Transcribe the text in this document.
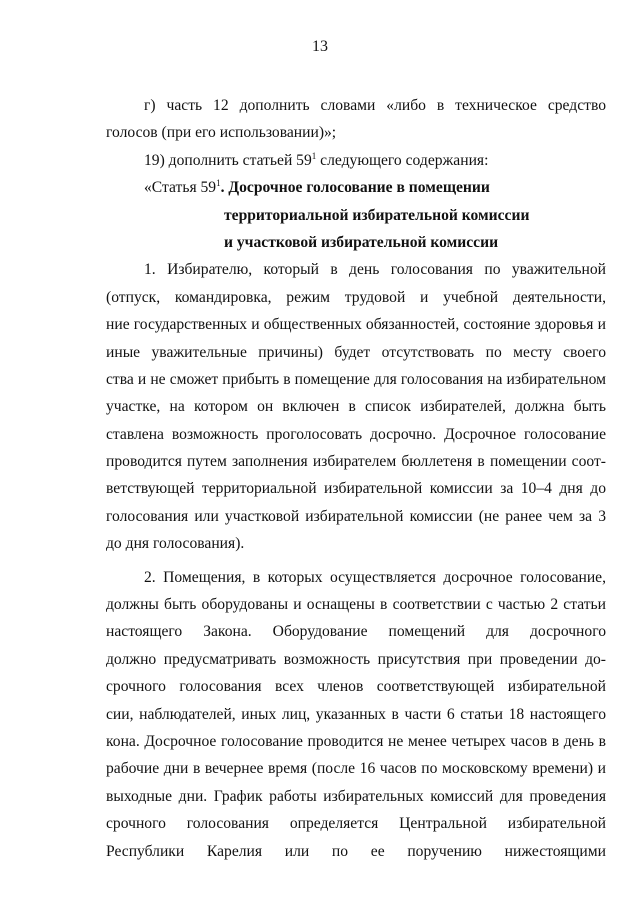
13
г) часть 12 дополнить словами «либо в техническое средство
голосов (при его использовании)»;
19) дополнить статьей $59^1$ следующего содержания:
«Статья $59^1$. Досрочное голосование в помещении
территориальной избирательной комиссии
и участковой избирательной комиссии
1. Избирателю, который в день голосования по уважительной
(отпуск, командировка, режим трудовой и учебной деятельности,
ние государственных и общественных обязанностей, состояние здоровья и
иные уважительные причины) будет отсутствовать по месту своего
ства и не сможет прибыть в помещение для голосования на избирательном
участке, на котором он включен в список избирателей, должна быть
ставлена возможность проголосовать досрочно. Досрочное голосование
проводится путем заполнения избирателем бюллетеня в помещении соот-
ветствующей территориальной избирательной комиссии за 10–4 дня до
голосования или участковой избирательной комиссии (не ранее чем за 3
до дня голосования).
2. Помещения, в которых осуществляется досрочное голосование,
должны быть оборудованы и оснащены в соответствии с частью 2 статьи
настоящего Закона. Оборудование помещений для досрочного
должно предусматривать возможность присутствия при проведении до-
срочного голосования всех членов соответствующей избирательной
сии, наблюдателей, иных лиц, указанных в части 6 статьи 18 настоящего
кона. Досрочное голосование проводится не менее четырех часов в день в
рабочие дни в вечернее время (после 16 часов по московскому времени) и
выходные дни. График работы избирательных комиссий для проведения
срочного голосования определяется Центральной избирательной
Республики Карелия или по ее поручению нижестоящими
